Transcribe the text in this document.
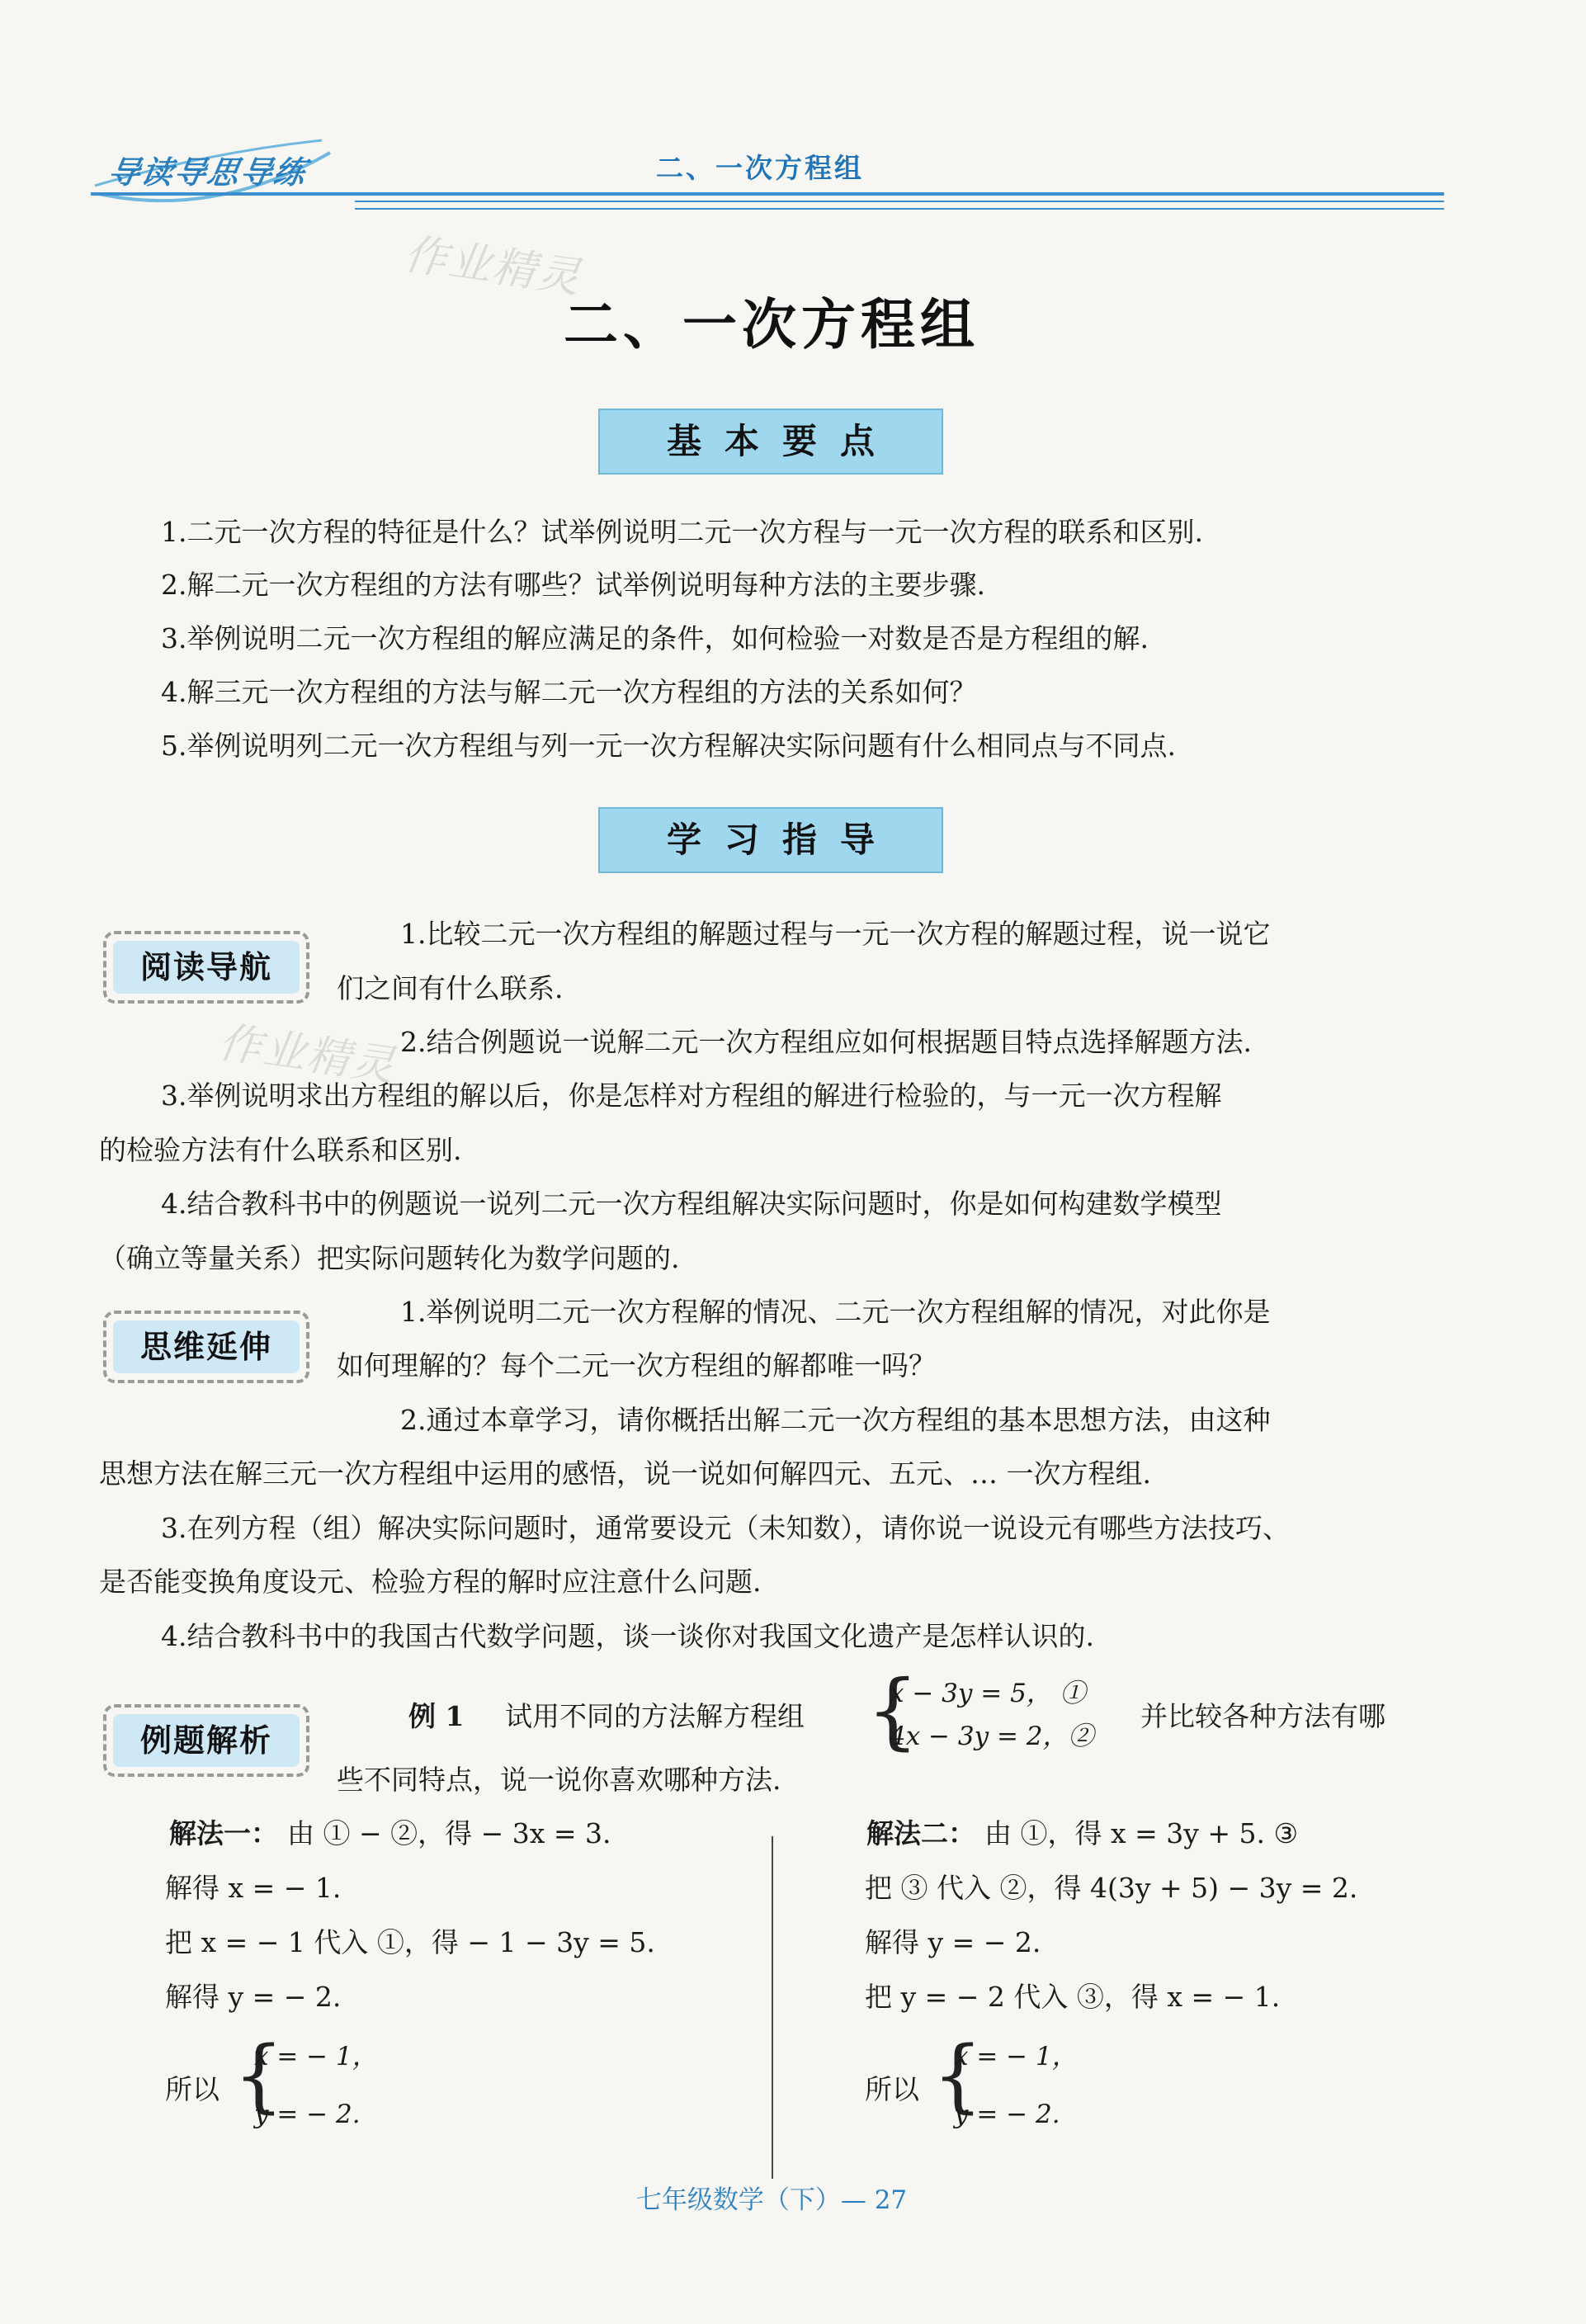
导读导思导练	二、一次方程组
作业精灵
作业精灵
二、一次方程组
基本要点
1.二元一次方程的特征是什么？试举例说明二元一次方程与一元一次方程的联系和区别.
2.解二元一次方程组的方法有哪些？试举例说明每种方法的主要步骤.
3.举例说明二元一次方程组的解应满足的条件，如何检验一对数是否是方程组的解.
4.解三元一次方程组的方法与解二元一次方程组的方法的关系如何？
5.举例说明列二元一次方程组与列一元一次方程解决实际问题有什么相同点与不同点.
学习指导
阅读导航
1.比较二元一次方程组的解题过程与一元一次方程的解题过程，说一说它
们之间有什么联系.
2.结合例题说一说解二元一次方程组应如何根据题目特点选择解题方法.
3.举例说明求出方程组的解以后，你是怎样对方程组的解进行检验的，与一元一次方程解
的检验方法有什么联系和区别.
4.结合教科书中的例题说一说列二元一次方程组解决实际问题时，你是如何构建数学模型
（确立等量关系）把实际问题转化为数学问题的.
思维延伸
1.举例说明二元一次方程解的情况、二元一次方程组解的情况，对此你是
如何理解的？每个二元一次方程组的解都唯一吗？
2.通过本章学习，请你概括出解二元一次方程组的基本思想方法，由这种
思想方法在解三元一次方程组中运用的感悟，说一说如何解四元、五元、… 一次方程组.
3.在列方程（组）解决实际问题时，通常要设元（未知数），请你说一说设元有哪些方法技巧、
是否能变换角度设元、检验方程的解时应注意什么问题.
4.结合教科书中的我国古代数学问题，谈一谈你对我国文化遗产是怎样认识的.
例题解析
例 1 试用不同的方法解方程组 {
x − 3y = 5， ①
4x − 3y = 2，②
并比较各种方法有哪
些不同特点，说一说你喜欢哪种方法.
解法一： 由 ① − ②，得 − 3x = 3.
解得 x = − 1.
把 x = − 1 代入 ①，得 − 1 − 3y = 5.
解得 y = − 2.
所以 {
x = − 1，
y = − 2.
解法二： 由 ①，得 x = 3y + 5. ③
把 ③ 代入 ②，得 4(3y + 5) − 3y = 2.
解得 y = − 2.
把 y = − 2 代入 ③，得 x = − 1.
所以 {
x = − 1，
y = − 2.
七年级数学（下）— 27
